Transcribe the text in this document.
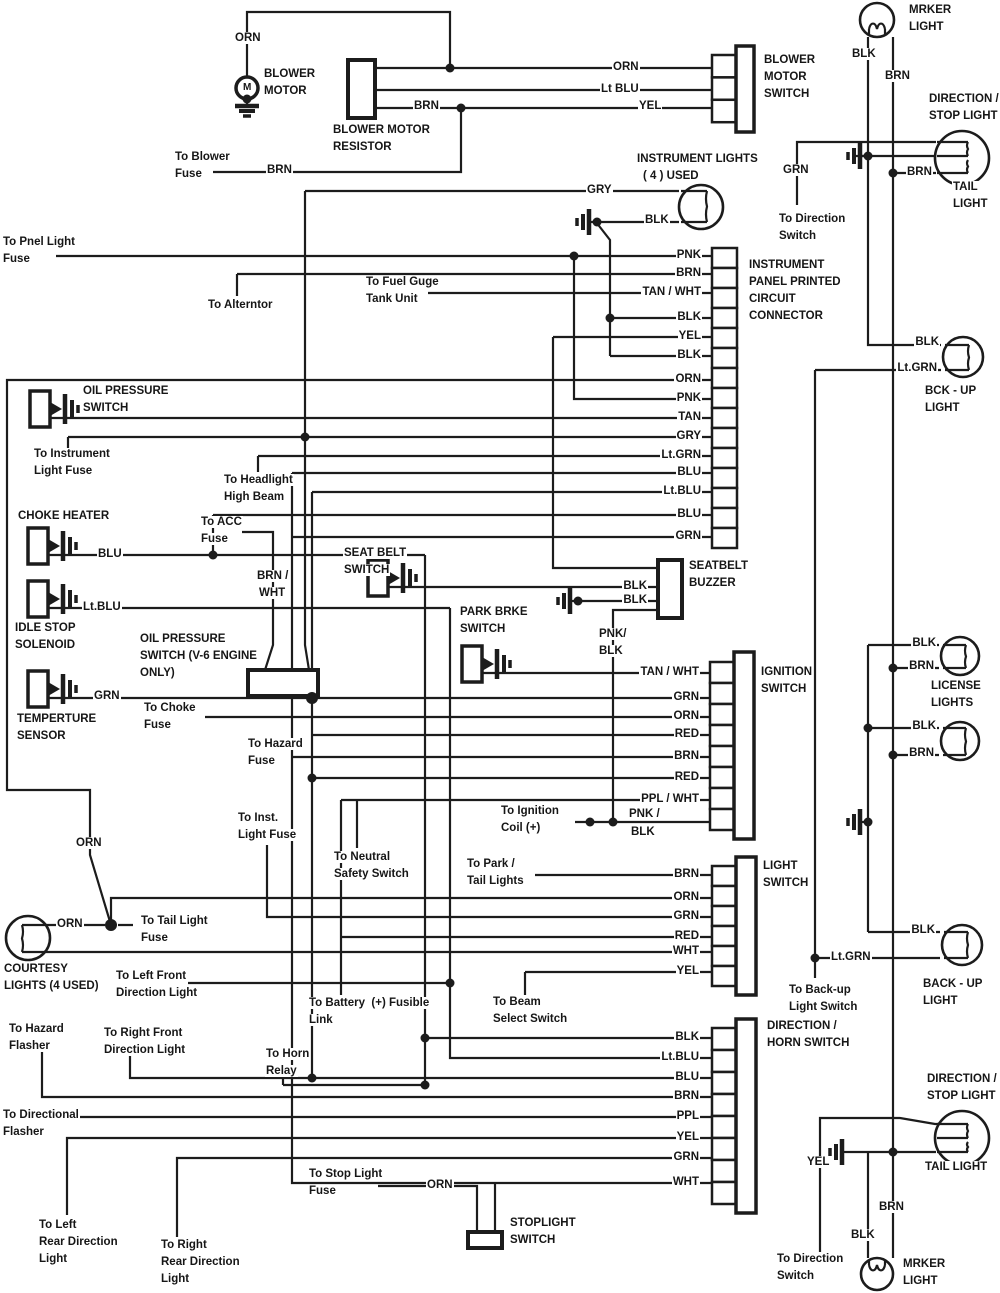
ORN
BLOWER
MOTOR
M
BLOWER MOTOR
RESISTOR
BRN
To Blower
Fuse	BRN
ORN
Lt BLU
YEL
BLOWER
MOTOR
SWITCH
MRKER
LIGHT
BLK
BRN
DIRECTION /
STOP LIGHT
GRN	BRN
TAIL
LIGHT
To Direction
Switch
INSTRUMENT LIGHTS
( 4 ) USED
GRY
BLK
To Pnel Light
Fuse
To Alterntor
To Fuel Guge
Tank Unit
PNK
BRN
TAN / WHT
BLK
YEL
BLK
ORN
PNK
TAN
GRY
Lt.GRN
BLU
Lt.BLU
BLU
GRN
INSTRUMENT
PANEL PRINTED
CIRCUIT
CONNECTOR
OIL PRESSURE
SWITCH
To Instrument
Light Fuse
To Headlight
High Beam
CHOKE HEATER	To ACC
Fuse
BLU
BRN /
WHT
Lt.BLU
IDLE STOP
SOLENOID	OIL PRESSURE
SWITCH (V-6 ENGINE
ONLY)
GRN
TEMPERTURE
SENSOR
To Choke
Fuse
To Hazard
Fuse
SEAT BELT
SWITCH
PARK BRKE
SWITCH
SEATBELT
BUZZER
BLK
BLK
PNK/
BLK
TAN / WHT
GRN
ORN
RED
BRN
RED
PPL / WHT
PNK /
BLK
IGNITION
SWITCH
To Ignition
Coil (+)
To Inst.
Light Fuse
To Neutral
Safety Switch
To Park /
Tail Lights
BRN
ORN
GRN
RED
WHT
YEL
LIGHT
SWITCH
Lt.GRN
To Back-up
Light Switch
COURTESY
LIGHTS (4 USED)
ORN
ORN	To Tail Light
Fuse
To Left Front
Direction Light
To Battery  (+) Fusible
Link
To Hazard
Flasher
To Right Front
Direction Light	To Horn
Relay
To Directional
Flasher
To Beam
Select Switch
BLK
Lt.BLU
BLU
BRN
PPL
YEL
GRN
WHT
DIRECTION /
HORN SWITCH
To Stop Light
Fuse	ORN
STOPLIGHT
SWITCH
To Left
Rear Direction
Light
To Right
Rear Direction
Light
DIRECTION /
STOP LIGHT
YEL	TAIL LIGHT
BRN
BLK
To Direction
Switch
MRKER
LIGHT
BLK
Lt.GRN
BCK - UP
LIGHT
BLK
BRN
LICENSE
LIGHTS
BLK
BRN
BLK
BACK - UP
LIGHT
